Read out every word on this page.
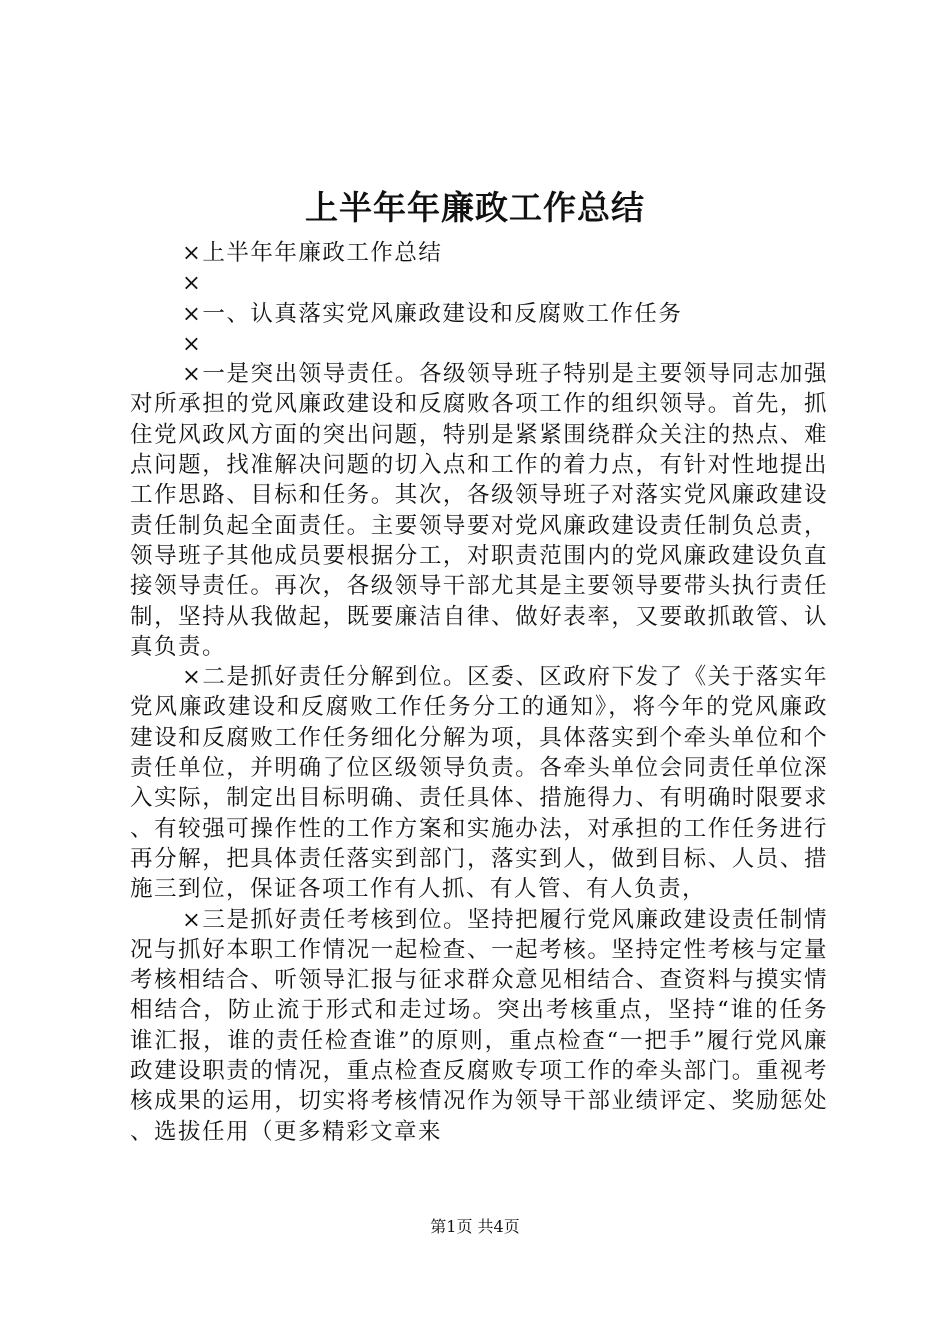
上半年年廉政工作总结
×上半年年廉政工作总结
×
×一、认真落实党风廉政建设和反腐败工作任务
×
×一是突出领导责任。各级领导班子特别是主要领导同志加强对所承担的党风廉政建设和反腐败各项工作的组织领导。首先，抓住党风政风方面的突出问题，特别是紧紧围绕群众关注的热点、难点问题，找准解决问题的切入点和工作的着力点，有针对性地提出工作思路、目标和任务。其次，各级领导班子对落实党风廉政建设责任制负起全面责任。主要领导要对党风廉政建设责任制负总责，领导班子其他成员要根据分工，对职责范围内的党风廉政建设负直接领导责任。再次，各级领导干部尤其是主要领导要带头执行责任制，坚持从我做起，既要廉洁自律、做好表率，又要敢抓敢管、认真负责。
×二是抓好责任分解到位。区委、区政府下发了《关于落实年党风廉政建设和反腐败工作任务分工的通知》，将今年的党风廉政建设和反腐败工作任务细化分解为项，具体落实到个牵头单位和个责任单位，并明确了位区级领导负责。各牵头单位会同责任单位深入实际，制定出目标明确、责任具体、措施得力、有明确时限要求、有较强可操作性的工作方案和实施办法，对承担的工作任务进行再分解，把具体责任落实到部门，落实到人，做到目标、人员、措施三到位，保证各项工作有人抓、有人管、有人负责，
×三是抓好责任考核到位。坚持把履行党风廉政建设责任制情况与抓好本职工作情况一起检查、一起考核。坚持定性考核与定量考核相结合、听领导汇报与征求群众意见相结合、查资料与摸实情相结合，防止流于形式和走过场。突出考核重点，坚持“谁的任务谁汇报，谁的责任检查谁”的原则，重点检查“一把手”履行党风廉政建设职责的情况，重点检查反腐败专项工作的牵头部门。重视考核成果的运用，切实将考核情况作为领导干部业绩评定、奖励惩处、选拔任用（更多精彩文章来
第1页 共4页
